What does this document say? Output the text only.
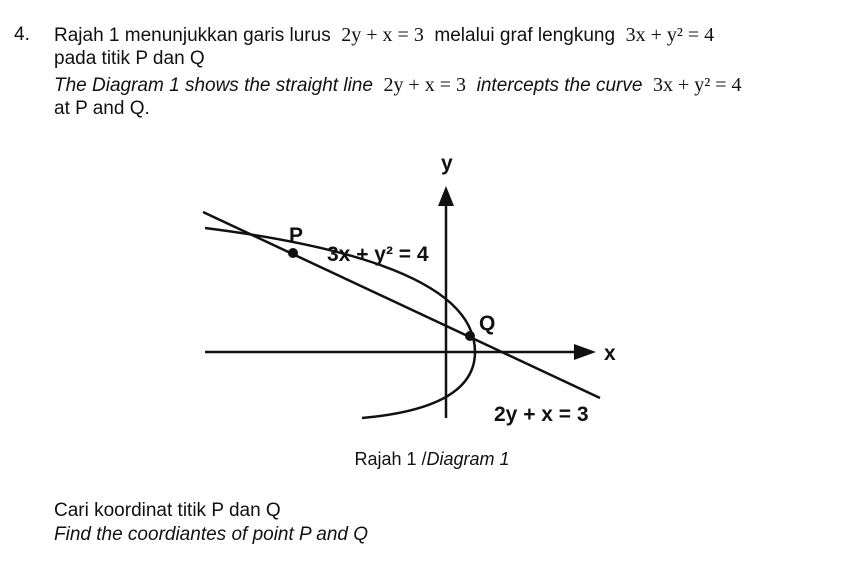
4. Rajah 1 menunjukkan garis lurus 2y + x = 3 melalui graf lengkung 3x + y² = 4
pada titik P dan Q
The Diagram 1 shows the straight line 2y + x = 3 intercepts the curve 3x + y² = 4
at P and Q.
x
y
P
Q
3x + y² = 4
2y + x = 3
Rajah 1 /Diagram 1
Cari koordinat titik P dan Q
Find the coordiantes of point P and Q
